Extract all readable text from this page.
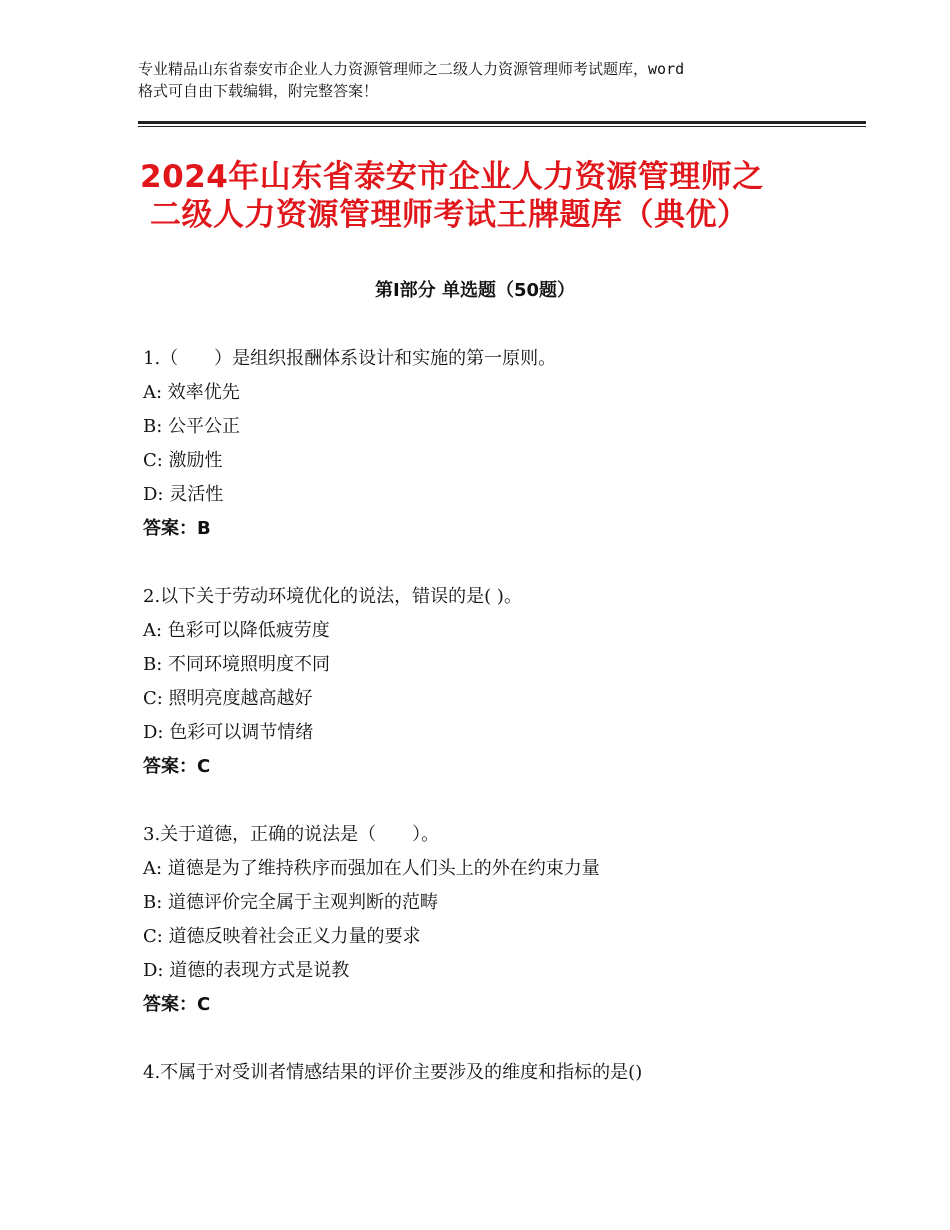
专业精品山东省泰安市企业人力资源管理师之二级人力资源管理师考试题库，word
格式可自由下载编辑，附完整答案！
2024年山东省泰安市企业人力资源管理师之
二级人力资源管理师考试王牌题库（典优）
第Ⅰ部分 单选题（50题）
1.（　　）是组织报酬体系设计和实施的第一原则。
A: 效率优先
B: 公平公正
C: 激励性
D: 灵活性
答案：B
2.以下关于劳动环境优化的说法，错误的是( )。
A: 色彩可以降低疲劳度
B: 不同环境照明度不同
C: 照明亮度越高越好
D: 色彩可以调节情绪
答案：C
3.关于道德，正确的说法是（　　）。
A: 道德是为了维持秩序而强加在人们头上的外在约束力量
B: 道德评价完全属于主观判断的范畴
C: 道德反映着社会正义力量的要求
D: 道德的表现方式是说教
答案：C
4.不属于对受训者情感结果的评价主要涉及的维度和指标的是()
